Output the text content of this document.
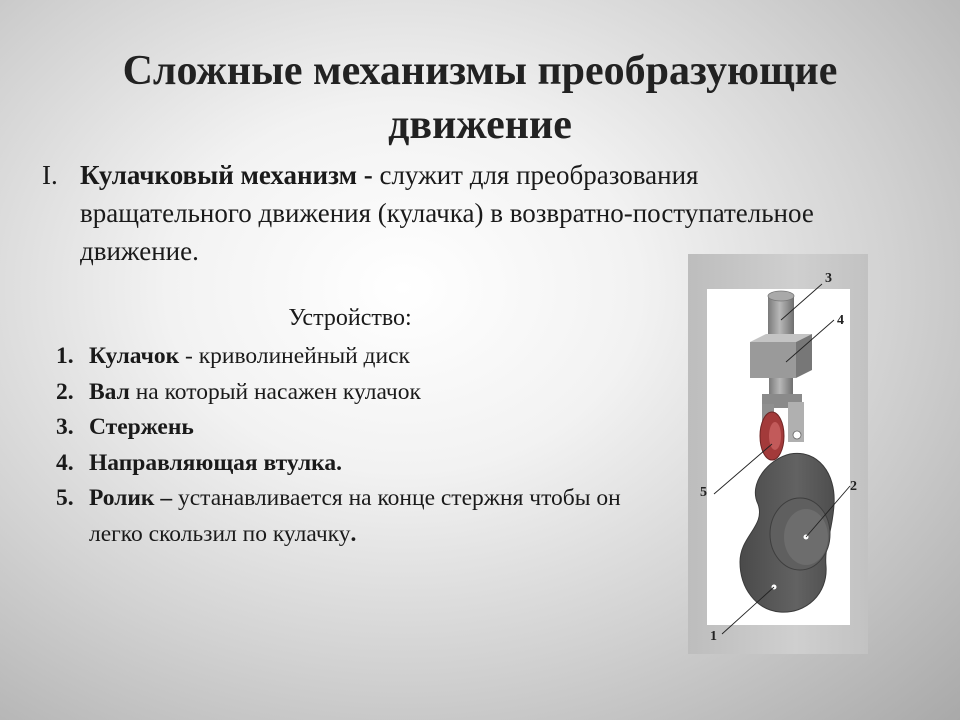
Сложные механизмы преобразующие движение
I. Кулачковый механизм - служит для преобразования вращательного движения (кулачка) в возвратно-поступательное движение.
Устройство:
1. Кулачок - криволинейный диск
2. Вал на который насажен кулачок
3. Стержень
4. Направляющая втулка.
5. Ролик – устанавливается на конце стержня чтобы он легко скользил по кулачку.
3
4
2
5
1
